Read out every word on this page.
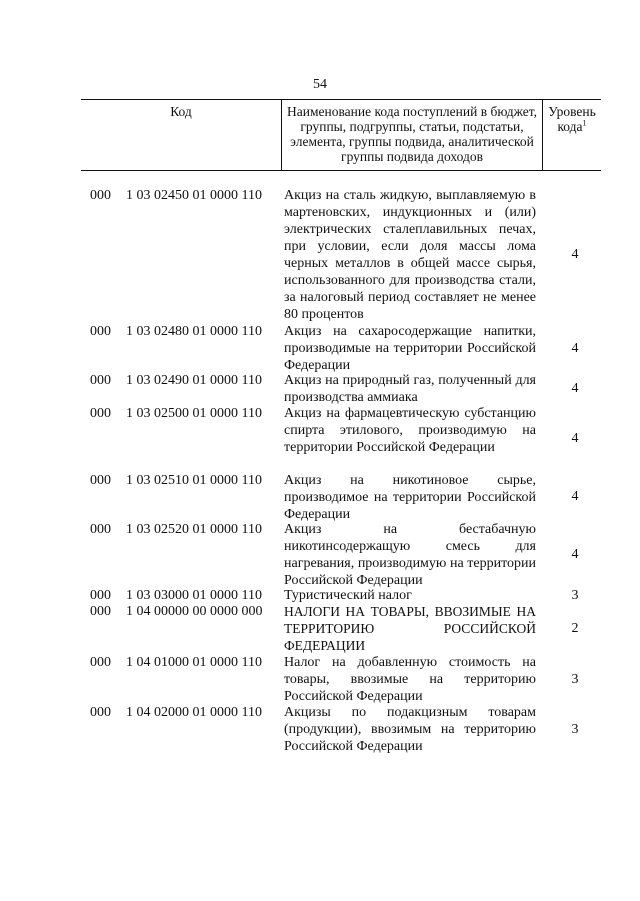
54
Код	Наименование кода поступлений в бюджет, группы, подгруппы, статьи, подстатьи, элемента, группы подвида, аналитической группы подвида доходов
Уровень кода$^1$
000 1 03 02450 01 0000 110 Акциз на сталь жидкую, выплавляемую в мартеновских, индукционных и (или) электрических сталеплавильных печах, при условии, если доля массы лома черных металлов в общей массе сырья, использованного для производства стали, за налоговый период составляет не менее 80 процентов
4
000 1 03 02480 01 0000 110 Акциз на сахаросодержащие напитки, производимые на территории Российской Федерации
4
000 1 03 02490 01 0000 110 Акциз на природный газ, полученный для производства аммиака
4
000 1 03 02500 01 0000 110 Акциз на фармацевтическую субстанцию спирта этилового, производимую на территории Российской Федерации
4
000 1 03 02510 01 0000 110 Акциз на никотиновое сырье, производимое на территории Российской Федерации
4
000 1 03 02520 01 0000 110 Акциз на бестабачную никотинсодержащую смесь для нагревания, производимую на территории Российской Федерации
4
000 1 03 03000 01 0000 110 Туристический налог	3
000 1 04 00000 00 0000 000 НАЛОГИ НА ТОВАРЫ, ВВОЗИМЫЕ НА ТЕРРИТОРИЮ РОССИЙСКОЙ ФЕДЕРАЦИИ
2
000 1 04 01000 01 0000 110 Налог на добавленную стоимость на товары, ввозимые на территорию Российской Федерации
3
000 1 04 02000 01 0000 110 Акцизы по подакцизным товарам (продукции), ввозимым на территорию Российской Федерации
3
